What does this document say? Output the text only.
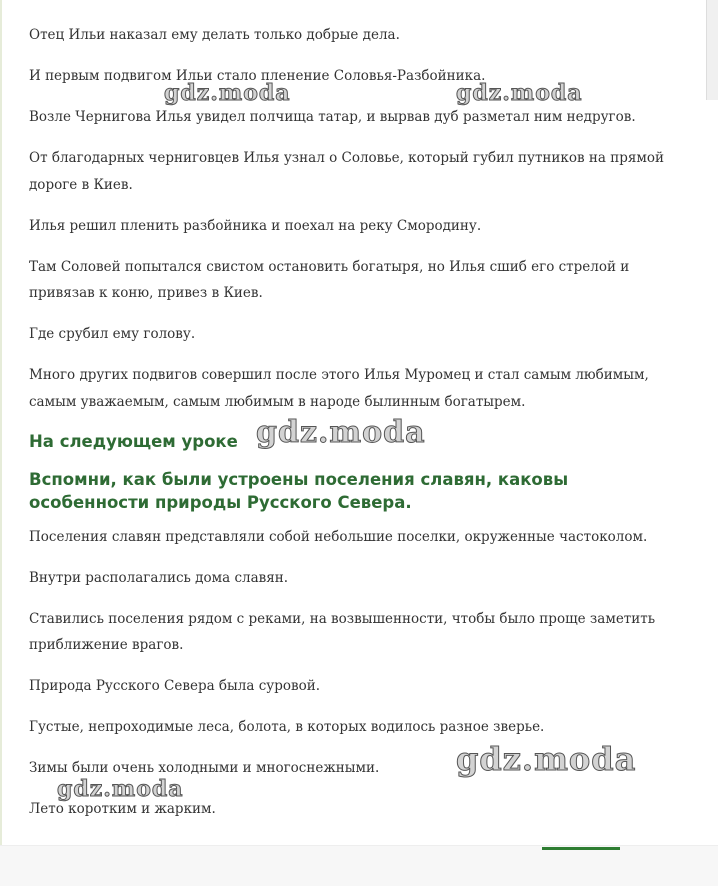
Отец Ильи наказал ему делать только добрые дела.

И первым подвигом Ильи стало пленение Соловья-Разбойника.

Возле Чернигова Илья увидел полчища татар, и вырвав дуб разметал ним недругов.

От благодарных черниговцев Илья узнал о Соловье, который губил путников на прямой дороге в Киев.

Илья решил пленить разбойника и поехал на реку Смородину.

Там Соловей попытался свистом остановить богатыря, но Илья сшиб его стрелой и привязав к коню, привез в Киев.

Где срубил ему голову.

Много других подвигов совершил после этого Илья Муромец и стал самым любимым, самым уважаемым, самым любимым в народе былинным богатырем.

На следующем уроке
Вспомни, как были устроены поселения славян, каковы особенности природы Русского Севера.

Поселения славян представляли собой небольшие поселки, окруженные частоколом.

Внутри располагались дома славян.

Ставились поселения рядом с реками, на возвышенности, чтобы было проще заметить приближение врагов.

Природа Русского Севера была суровой.

Густые, непроходимые леса, болота, в которых водилось разное зверье.

Зимы были очень холодными и многоснежными.

Лето коротким и жарким.

gdz.moda	gdz.moda
gdz.moda
gdz.moda
gdz.moda
